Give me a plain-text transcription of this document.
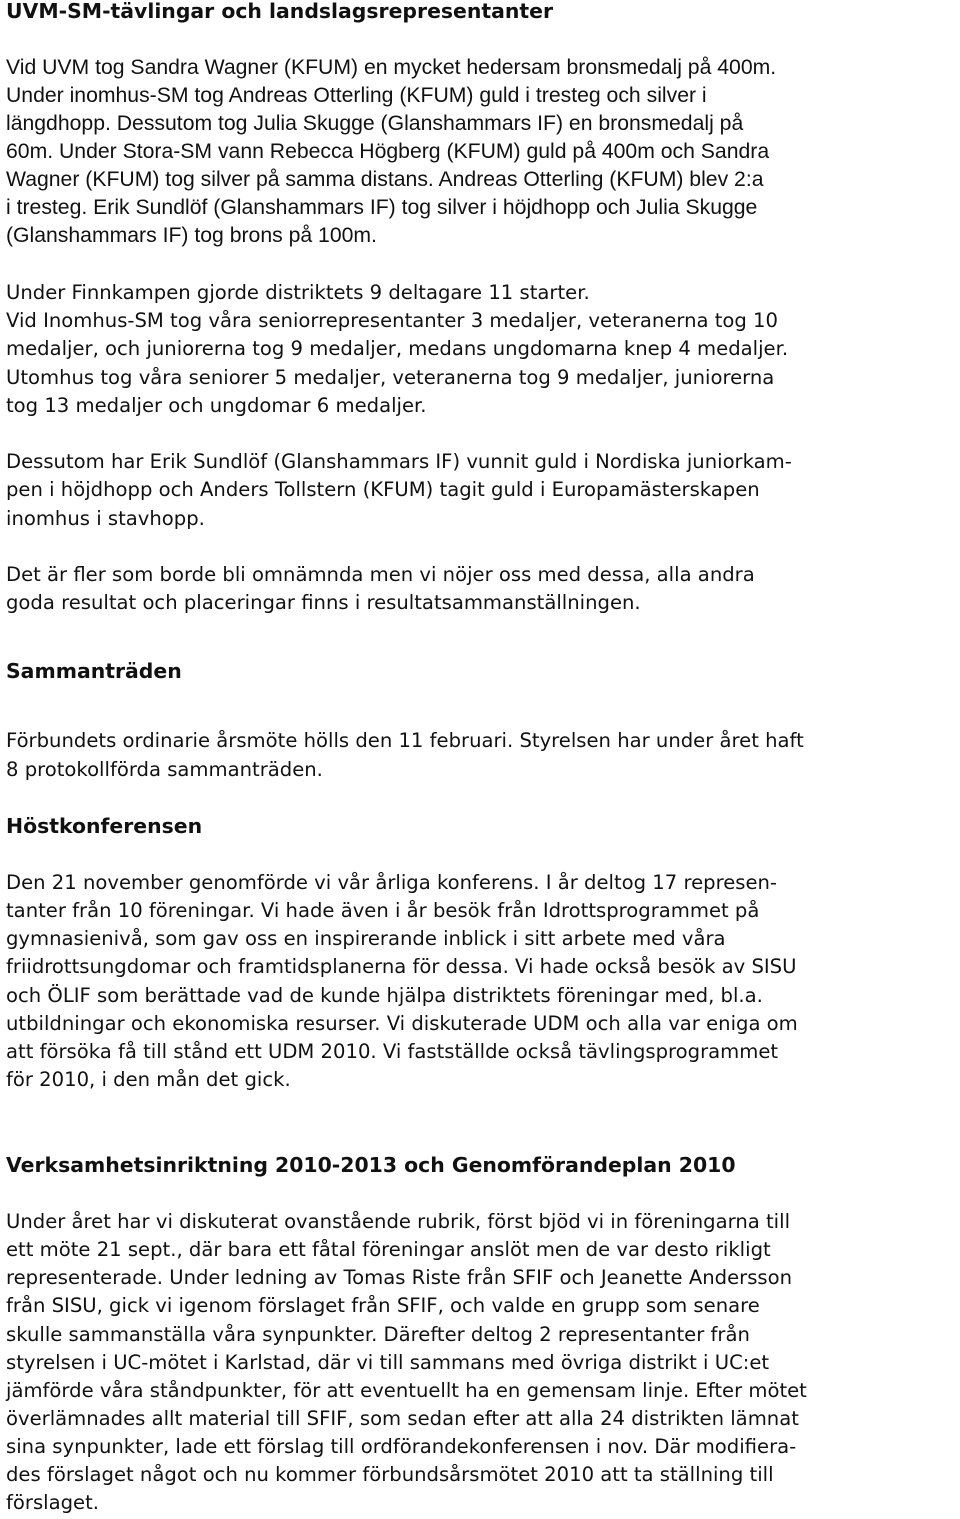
UVM-SM-tävlingar och landslagsrepresentanter
Vid UVM tog Sandra Wagner (KFUM) en mycket hedersam bronsmedalj på 400m.
Under inomhus-SM tog Andreas Otterling (KFUM) guld i tresteg och silver i
längdhopp. Dessutom tog Julia Skugge (Glanshammars IF) en bronsmedalj på
60m. Under Stora-SM vann Rebecca Högberg (KFUM) guld på 400m och Sandra
Wagner (KFUM) tog silver på samma distans. Andreas Otterling (KFUM) blev 2:a
i tresteg. Erik Sundlöf (Glanshammars IF) tog silver i höjdhopp och Julia Skugge
(Glanshammars IF) tog brons på 100m.
Under Finnkampen gjorde distriktets 9 deltagare 11 starter.
Vid Inomhus-SM tog våra seniorrepresentanter 3 medaljer, veteranerna tog 10
medaljer, och juniorerna tog 9 medaljer, medans ungdomarna knep 4 medaljer.
Utomhus tog våra seniorer 5 medaljer, veteranerna tog 9 medaljer, juniorerna
tog 13 medaljer och ungdomar 6 medaljer.
Dessutom har Erik Sundlöf (Glanshammars IF) vunnit guld i Nordiska juniorkam-
pen i höjdhopp och Anders Tollstern (KFUM) tagit guld i Europamästerskapen
inomhus i stavhopp.
Det är fler som borde bli omnämnda men vi nöjer oss med dessa, alla andra
goda resultat och placeringar finns i resultatsammanställningen.
Sammanträden
Förbundets ordinarie årsmöte hölls den 11 februari. Styrelsen har under året haft
8 protokollförda sammanträden.
Höstkonferensen
Den 21 november genomförde vi vår årliga konferens. I år deltog 17 represen-
tanter från 10 föreningar. Vi hade även i år besök från Idrottsprogrammet på
gymnasienivå, som gav oss en inspirerande inblick i sitt arbete med våra
friidrottsungdomar och framtidsplanerna för dessa. Vi hade också besök av SISU
och ÖLIF som berättade vad de kunde hjälpa distriktets föreningar med, bl.a.
utbildningar och ekonomiska resurser. Vi diskuterade UDM och alla var eniga om
att försöka få till stånd ett UDM 2010. Vi fastställde också tävlingsprogrammet
för 2010, i den mån det gick.
Verksamhetsinriktning 2010-2013 och Genomförandeplan 2010
Under året har vi diskuterat ovanstående rubrik, först bjöd vi in föreningarna till
ett möte 21 sept., där bara ett fåtal föreningar anslöt men de var desto rikligt
representerade. Under ledning av Tomas Riste från SFIF och Jeanette Andersson
från SISU, gick vi igenom förslaget från SFIF, och valde en grupp som senare
skulle sammanställa våra synpunkter. Därefter deltog 2 representanter från
styrelsen i UC-mötet i Karlstad, där vi till sammans med övriga distrikt i UC:et
jämförde våra ståndpunkter, för att eventuellt ha en gemensam linje. Efter mötet
överlämnades allt material till SFIF, som sedan efter att alla 24 distrikten lämnat
sina synpunkter, lade ett förslag till ordförandekonferensen i nov. Där modifiera-
des förslaget något och nu kommer förbundsårsmötet 2010 att ta ställning till
förslaget.
